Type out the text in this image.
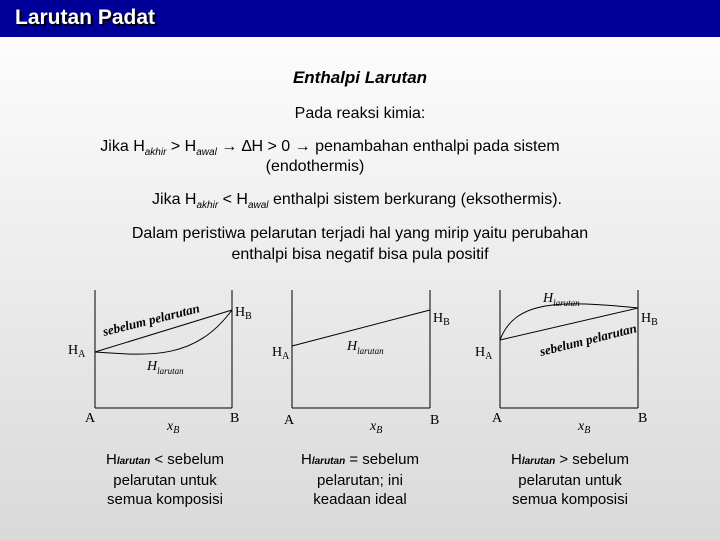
Larutan Padat
Enthalpi Larutan
Pada reaksi kimia:
Jika $H_{akhir} > H_{awal} \to \Delta H > 0$ → penambahan enthalpi pada sistem
(endothermis)
Jika $H_{akhir} < H_{awal}$ enthalpi sistem berkurang (eksothermis).
Dalam peristiwa pelarutan terjadi hal yang mirip yaitu perubahan
enthalpi bisa negatif bisa pula positif
sebelum pelarutan $H_B$
$H_A$
$H_{larutan}$
A	B
$x_B$
$H_B$
$H_A$
$H_{larutan}$
A	B
$x_B$
sebelum pelarutan
$H_B$
$H_A$
$H_{larutan}$
A	B
$x_B$
Hlarutan < sebelum
pelarutan untuk
semua komposisi
Hlarutan = sebelum
pelarutan; ini
keadaan ideal
Hlarutan > sebelum
pelarutan untuk
semua komposisi
